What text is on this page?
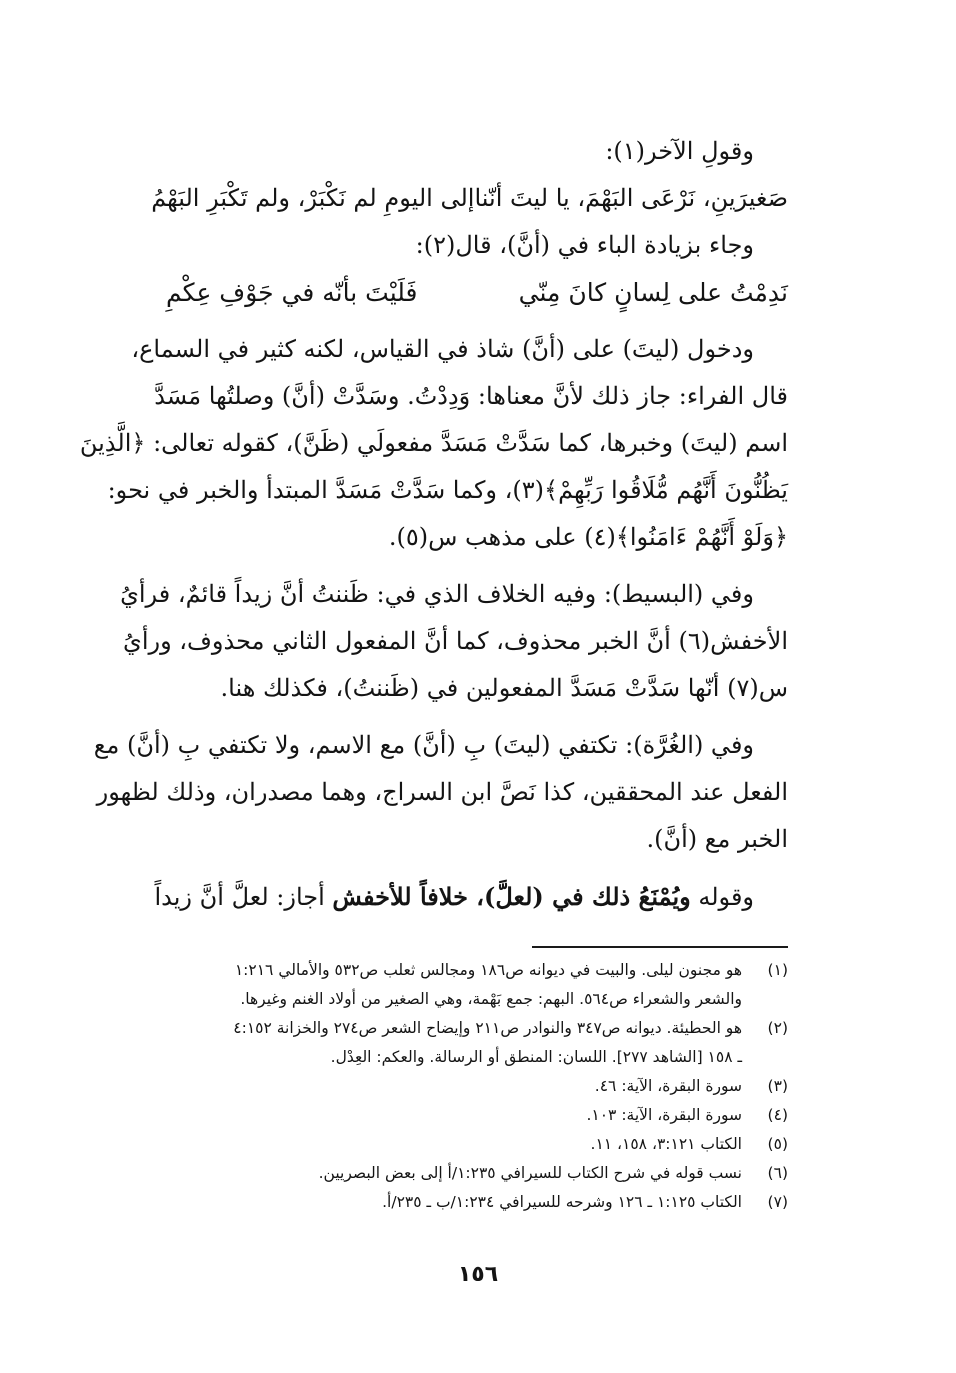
وقولِ الآخر(١):

صَغيرَينِ، نَرْعَى البَهْمَ، يا ليتَ أنّنا
إلى اليومِ لم نَكْبَرْ، ولم تَكْبَرِ البَهْمُ

وجاء بزيادة الباء في (أنَّ)، قال(٢):

نَدِمْتُ على لِسانٍ كانَ مِنّي
فَلَيْتَ بأنّه في جَوْفِ عِكْمِ

ودخول (ليتَ) على (أنَّ) شاذ في القياس، لكنه كثير في السماع،
قال الفراء: جاز ذلك لأنَّ معناها: وَدِدْتُ. وسَدَّتْ (أنَّ) وصلتُها مَسَدَّ
اسم (ليتَ) وخبرها، كما سَدَّتْ مَسَدَّ مفعولَي (ظَنَّ)، كقوله تعالى: ﴿الَّذِينَ
يَظُنُّونَ أَنَّهُم مُّلَاقُوا رَبِّهِمْ﴾(٣)، وكما سَدَّتْ مَسَدَّ المبتدأ والخبر في نحو:
﴿وَلَوْ أَنَّهُمْ ءَامَنُوا﴾(٤) على مذهب س(٥).

وفي (البسيط): وفيه الخلاف الذي في: ظَننتُ أنَّ زيداً قائمٌ، فرأيُ
الأخفش(٦) أنَّ الخبر محذوف، كما أنَّ المفعول الثاني محذوف، ورأيُ
س(٧) أنّها سَدَّتْ مَسَدَّ المفعولين في (ظَننتُ)، فكذلك هنا.

وفي (الغُرَّة): تكتفي (ليتَ) بِ (أنَّ) مع الاسم، ولا تكتفي بِ (أنَّ) مع
الفعل عند المحققين، كذا نَصَّ ابن السراج، وهما مصدران، وذلك لظهور
الخبر مع (أنَّ).

وقوله ويُمْنَعُ ذلك في (لعلَّ)، خلافاً للأخفش أجاز: لعلَّ أنَّ زيداً

(١)
هو مجنون ليلى. والبيت في ديوانه ص١٨٦ ومجالس ثعلب ص٥٣٢ والأمالي ١:٢١٦
والشعر والشعراء ص٥٦٤. البهم: جمع بَهْمة، وهي الصغير من أولاد الغنم وغيرها.
(٢)
هو الحطيئة. ديوانه ص٣٤٧ والنوادر ص٢١١ وإيضاح الشعر ص٢٧٤ والخزانة ٤:١٥٢
ـ ١٥٨ [الشاهد ٢٧٧]. اللسان: المنطق أو الرسالة. والعكم: العِدْل.
(٣)
سورة البقرة، الآية: ٤٦.
(٤)
سورة البقرة، الآية: ١٠٣.
(٥)
الكتاب ٣:١٢١، ١٥٨، ١١.
(٦)
نسب قوله في شرح الكتاب للسيرافي ١:٢٣٥/أ إلى بعض البصريين.
(٧)
الكتاب ١:١٢٥ ـ ١٢٦ وشرحه للسيرافي ١:٢٣٤/ب ـ ٢٣٥/أ.
١٥٦
